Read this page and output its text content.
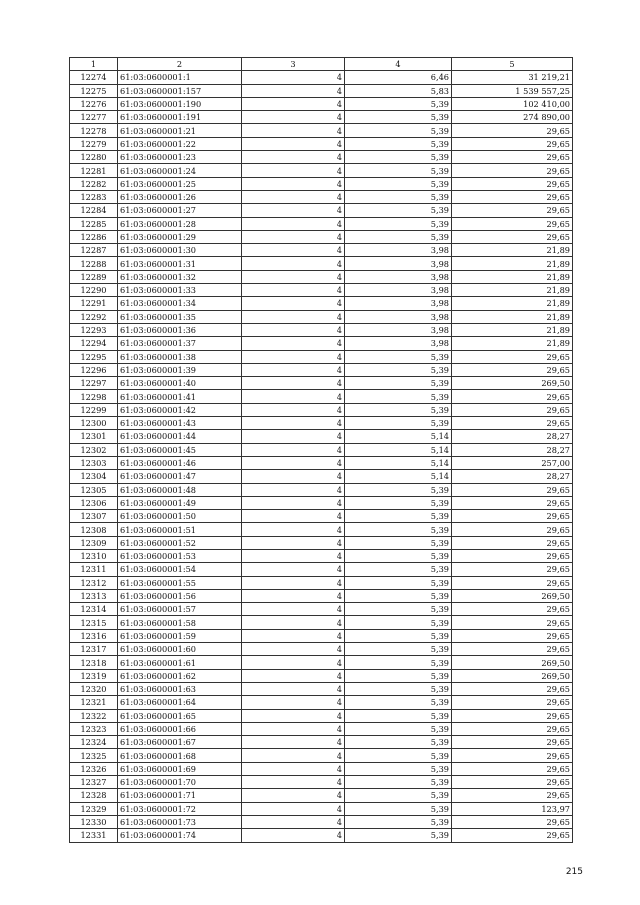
1	2	3	4	5
12274	61:03:0600001:1	4	6,46	31 219,21
12275	61:03:0600001:157	4	5,83	1 539 557,25
12276	61:03:0600001:190	4	5,39	102 410,00
12277	61:03:0600001:191	4	5,39	274 890,00
12278	61:03:0600001:21	4	5,39	29,65
12279	61:03:0600001:22	4	5,39	29,65
12280	61:03:0600001:23	4	5,39	29,65
12281	61:03:0600001:24	4	5,39	29,65
12282	61:03:0600001:25	4	5,39	29,65
12283	61:03:0600001:26	4	5,39	29,65
12284	61:03:0600001:27	4	5,39	29,65
12285	61:03:0600001:28	4	5,39	29,65
12286	61:03:0600001:29	4	5,39	29,65
12287	61:03:0600001:30	4	3,98	21,89
12288	61:03:0600001:31	4	3,98	21,89
12289	61:03:0600001:32	4	3,98	21,89
12290	61:03:0600001:33	4	3,98	21,89
12291	61:03:0600001:34	4	3,98	21,89
12292	61:03:0600001:35	4	3,98	21,89
12293	61:03:0600001:36	4	3,98	21,89
12294	61:03:0600001:37	4	3,98	21,89
12295	61:03:0600001:38	4	5,39	29,65
12296	61:03:0600001:39	4	5,39	29,65
12297	61:03:0600001:40	4	5,39	269,50
12298	61:03:0600001:41	4	5,39	29,65
12299	61:03:0600001:42	4	5,39	29,65
12300	61:03:0600001:43	4	5,39	29,65
12301	61:03:0600001:44	4	5,14	28,27
12302	61:03:0600001:45	4	5,14	28,27
12303	61:03:0600001:46	4	5,14	257,00
12304	61:03:0600001:47	4	5,14	28,27
12305	61:03:0600001:48	4	5,39	29,65
12306	61:03:0600001:49	4	5,39	29,65
12307	61:03:0600001:50	4	5,39	29,65
12308	61:03:0600001:51	4	5,39	29,65
12309	61:03:0600001:52	4	5,39	29,65
12310	61:03:0600001:53	4	5,39	29,65
12311	61:03:0600001:54	4	5,39	29,65
12312	61:03:0600001:55	4	5,39	29,65
12313	61:03:0600001:56	4	5,39	269,50
12314	61:03:0600001:57	4	5,39	29,65
12315	61:03:0600001:58	4	5,39	29,65
12316	61:03:0600001:59	4	5,39	29,65
12317	61:03:0600001:60	4	5,39	29,65
12318	61:03:0600001:61	4	5,39	269,50
12319	61:03:0600001:62	4	5,39	269,50
12320	61:03:0600001:63	4	5,39	29,65
12321	61:03:0600001:64	4	5,39	29,65
12322	61:03:0600001:65	4	5,39	29,65
12323	61:03:0600001:66	4	5,39	29,65
12324	61:03:0600001:67	4	5,39	29,65
12325	61:03:0600001:68	4	5,39	29,65
12326	61:03:0600001:69	4	5,39	29,65
12327	61:03:0600001:70	4	5,39	29,65
12328	61:03:0600001:71	4	5,39	29,65
12329	61:03:0600001:72	4	5,39	123,97
12330	61:03:0600001:73	4	5,39	29,65
12331	61:03:0600001:74	4	5,39	29,65
215
